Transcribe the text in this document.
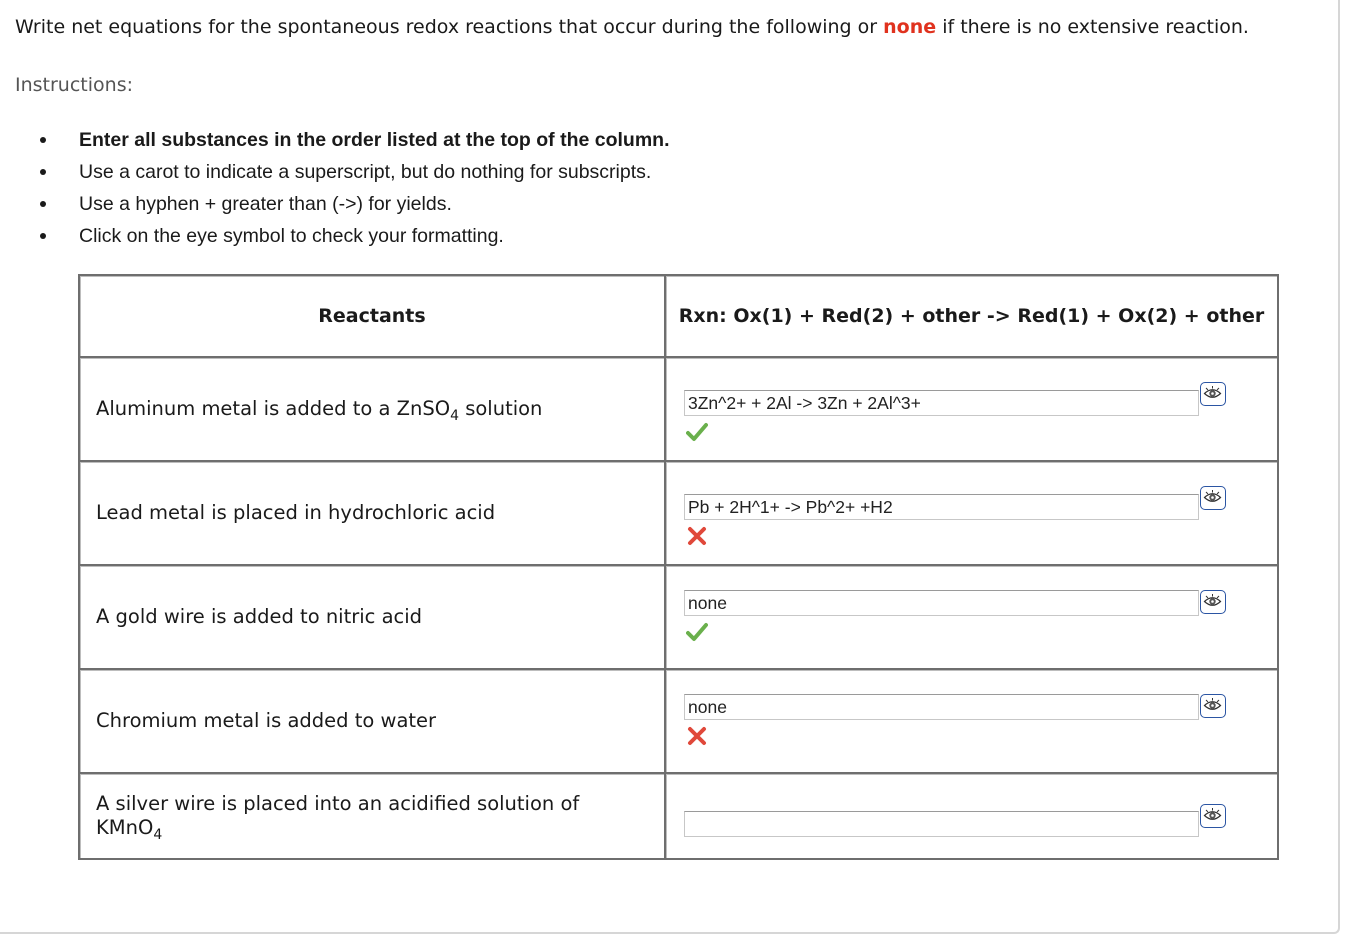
Write net equations for the spontaneous redox reactions that occur during the following or none if there is no extensive reaction.
Instructions:
Enter all substances in the order listed at the top of the column.
Use a carot to indicate a superscript, but do nothing for subscripts.
Use a hyphen + greater than (->) for yields.
Click on the eye symbol to check your formatting.
Reactants	Rxn: Ox(1) + Red(2) + other -> Red(1) + Ox(2) + other
Aluminum metal is added to a ZnSO$_4$ solution	
3Zn^2+ + 2Al -> 3Zn + 2Al^3+

Lead metal is placed in hydrochloric acid	
Pb + 2H^1+ -> Pb^2+ +H2

A gold wire is added to nitric acid	
none

Chromium metal is added to water	
none

A silver wire is placed into an acidified solution of KMnO$_4$	
